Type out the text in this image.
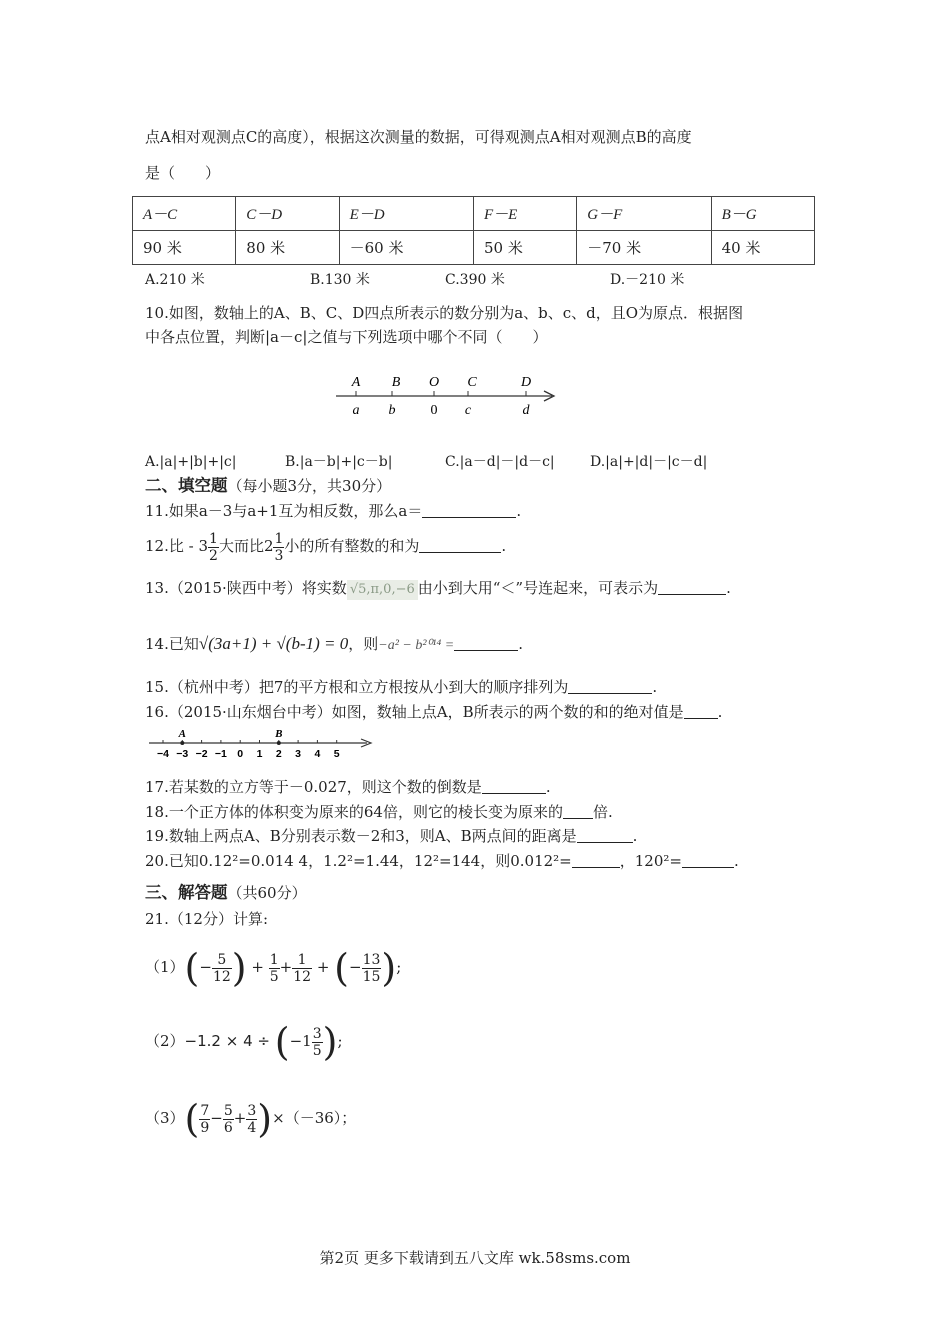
点A相对观测点C的高度），根据这次测量的数据，可得观测点A相对观测点B的高度
是（　　）
A－C	C－D	E－D	F－E	G－F	B－G
90 米	80 米	－60 米	50 米	－70 米	40 米
A.210 米	B.130 米	C.390 米	D.－210 米
10.如图，数轴上的A、B、C、D四点所表示的数分别为a、b、c、d，且O为原点．根据图
中各点位置，判断|a－c|之值与下列选项中哪个不同（　　）
A B O C	D
a b	0 c	d
A.|a|+|b|+|c|	B.|a－b|+|c－b|	C.|a－d|－|d－c|	D.|a|+|d|－|c－d|
二、填空题（每小题3分，共30分）
11.如果a－3与a+1互为相反数，那么a＝	.
12.比 - $3 \frac{1}{2}$ 大而比$2 \frac{1}{3}$ 小的所有整数的和为	.
13.（2015·陕西中考）将实数 √5,π,0,−6 由小到大用“＜”号连起来，可表示为	.
14.已知√(3a+1) + √(b-1) = 0，则−a² − b²⁰¹⁴ =	.
15.（杭州中考）把7的平方根和立方根按从小到大的顺序排列为	.
16.（2015·山东烟台中考）如图，数轴上点A，B所表示的两个数的和的绝对值是 .
A	B
−4 −3 −2 −1 0 1 2 3 4 5
17.若某数的立方等于－0.027，则这个数的倒数是	.
18.一个正方体的体积变为原来的64倍，则它的棱长变为原来的 倍.
19.数轴上两点A、B分别表示数－2和3，则A、B两点间的距离是	.
20.已知0.12²=0.014 4，1.2²=1.44，12²=144，则0.012²=	，120²=	.
三、解答题（共60分）
21.（12分）计算:
$(1)(- \frac{5}{12}$ ) + $\frac{1}{5} + \frac{1}{12}$ + (− $\frac{13}{15}$ );
$(2)-1.2 \times 4 \div (-1 \frac{3}{5}$ );
$(3)( \frac{7}{9} - \frac{5}{6} + \frac{3}{4} )\times(-36)$；
第2页 更多下载请到五八文库 wk.58sms.com
